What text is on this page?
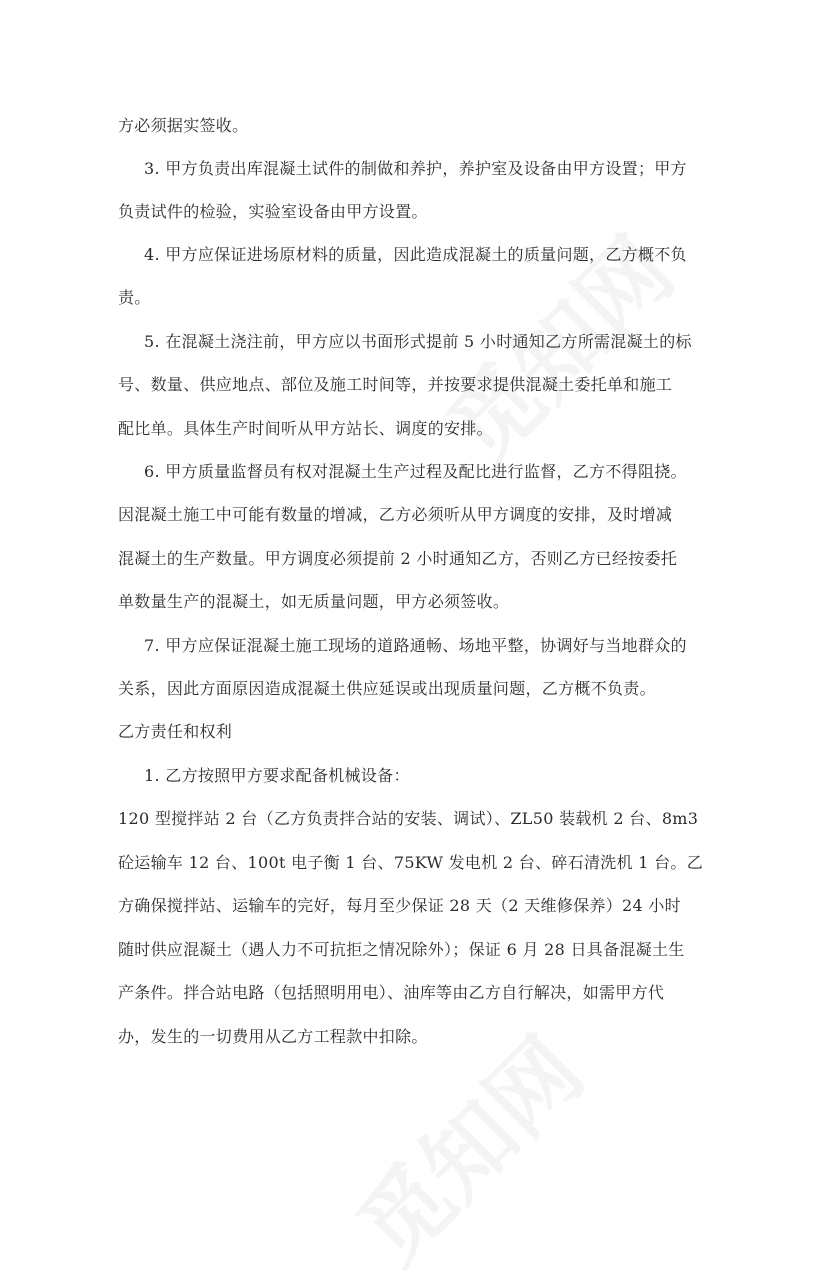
方必须据实签收。
3. 甲方负责出库混凝土试件的制做和养护，养护室及设备由甲方设置；甲方
负责试件的检验，实验室设备由甲方设置。
4. 甲方应保证进场原材料的质量，因此造成混凝土的质量问题，乙方概不负
责。
5. 在混凝土浇注前，甲方应以书面形式提前 5 小时通知乙方所需混凝土的标
号、数量、供应地点、部位及施工时间等，并按要求提供混凝土委托单和施工
配比单。具体生产时间听从甲方站长、调度的安排。
6. 甲方质量监督员有权对混凝土生产过程及配比进行监督，乙方不得阻挠。
因混凝土施工中可能有数量的增减，乙方必须听从甲方调度的安排，及时增减
混凝土的生产数量。甲方调度必须提前 2 小时通知乙方，否则乙方已经按委托
单数量生产的混凝土，如无质量问题，甲方必须签收。
7. 甲方应保证混凝土施工现场的道路通畅、场地平整，协调好与当地群众的
关系，因此方面原因造成混凝土供应延误或出现质量问题，乙方概不负责。
乙方责任和权利
1. 乙方按照甲方要求配备机械设备：
120 型搅拌站 2 台（乙方负责拌合站的安装、调试）、ZL50 装载机 2 台、8m3
砼运输车 12 台、100t 电子衡 1 台、75KW 发电机 2 台、碎石清洗机 1 台。乙
方确保搅拌站、运输车的完好，每月至少保证 28 天（2 天维修保养）24 小时
随时供应混凝土（遇人力不可抗拒之情况除外）；保证 6 月 28 日具备混凝土生
产条件。拌合站电路（包括照明用电）、油库等由乙方自行解决，如需甲方代
办，发生的一切费用从乙方工程款中扣除。
